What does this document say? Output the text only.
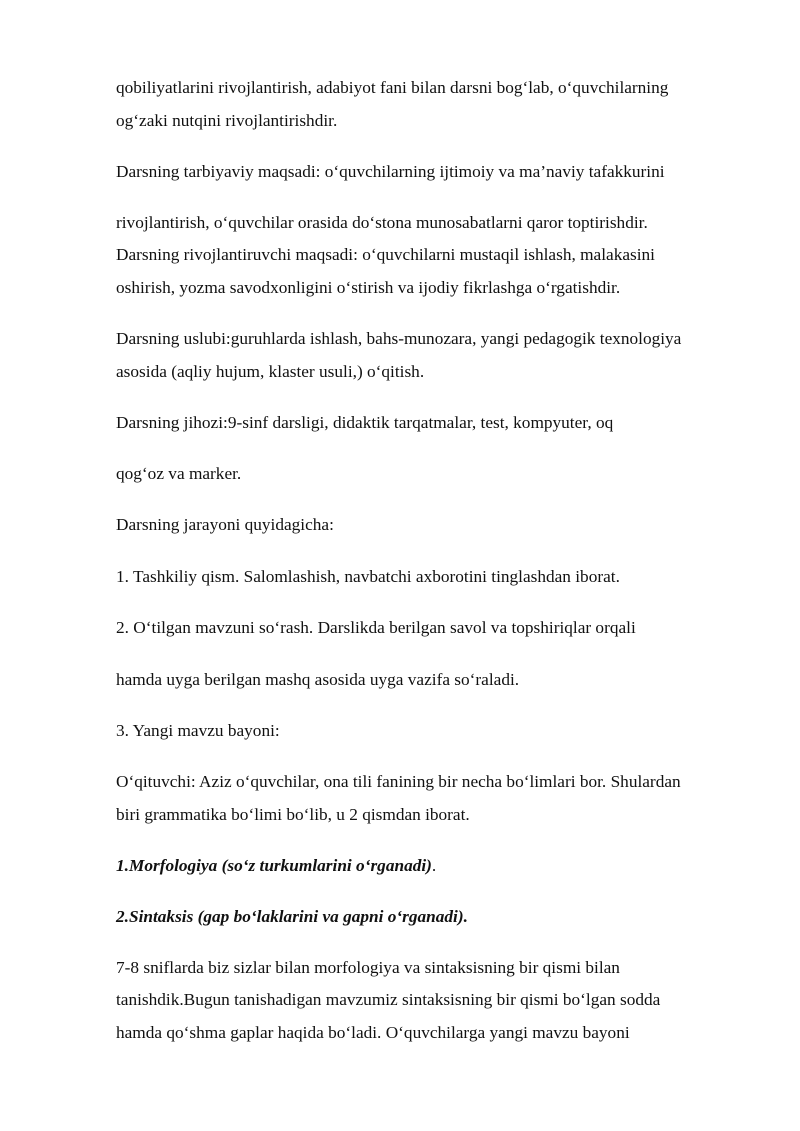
qobiliyatlarini rivojlantirish, adabiyot fani bilan darsni bog‘lab, o‘quvchilarning

og‘zaki nutqini rivojlantirishdir.

Darsning tarbiyaviy maqsadi: o‘quvchilarning ijtimoiy va ma’naviy tafakkurini

rivojlantirish, o‘quvchilar orasida do‘stona munosabatlarni qaror toptirishdir.

Darsning rivojlantiruvchi maqsadi: o‘quvchilarni mustaqil ishlash, malakasini

oshirish, yozma savodxonligini o‘stirish va ijodiy fikrlashga o‘rgatishdir.

Darsning uslubi:guruhlarda ishlash, bahs-munozara, yangi pedagogik texnologiya

asosida (aqliy hujum, klaster usuli,) o‘qitish.

Darsning jihozi:9-sinf darsligi, didaktik tarqatmalar, test, kompyuter, oq

qog‘oz va marker.

Darsning jarayoni quyidagicha:

1. Tashkiliy qism. Salomlashish, navbatchi axborotini tinglashdan iborat.

2. O‘tilgan mavzuni so‘rash. Darslikda berilgan savol va topshiriqlar orqali

hamda uyga berilgan mashq asosida uyga vazifa so‘raladi.

3. Yangi mavzu bayoni:

O‘qituvchi: Aziz o‘quvchilar, ona tili fanining bir necha bo‘limlari bor. Shulardan

biri grammatika bo‘limi bo‘lib, u 2 qismdan iborat.

1.Morfologiya (so‘z turkumlarini o‘rganadi).

2.Sintaksis (gap bo‘laklarini va gapni o‘rganadi).

7-8 sniflarda biz sizlar bilan morfologiya va sintaksisning bir qismi bilan

tanishdik.Bugun tanishadigan mavzumiz sintaksisning bir qismi bo‘lgan sodda

hamda qo‘shma gaplar haqida bo‘ladi. O‘quvchilarga yangi mavzu bayoni
